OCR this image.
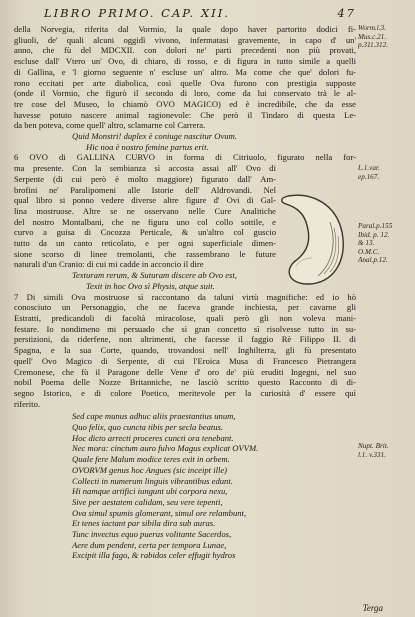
LIBRO PRIMO. CAP. XII.	47
della Norvegia, riferita dal Vormio, la quale dopo haver partorito dodici fi-
gliuoli, de' quali alcuni oggidì vivono, infermatasi gravemente, in capo d' un'
anno, che fù del MDCXII. con dolori ne' parti precedenti non più provati,
escluse dall' Vtero un' Ovo, di chiaro, di rosso, e di figura in tutto simile a quelli
di Gallina, e 'l giorno seguente n' escluse un' altro. Ma come che que' dolori fu-
rono eccitati per arte diabolica, così quelle Ova furono con prestigia supposte
(onde il Vormio, che figurò il secondo di loro, come da lui conservato trà le al-
tre cose del Museo, lo chiamò OVO MAGICO) ed è incredibile, che da esse
havesse potuto nascere animal ragionevole: Che però il Tindaro di questa Le-
da ben poteva, come quell' altro, sclamarne col Carrera.
Quid Monstri! duplex è coniuge nascitur Ovum.
Hic noa è nostro femine partus erit.
6 OVO di GALLINA CURVO in forma di Citriuolo, figurato nella for-
ma presente. Con la sembianza sì accosta assai all' Ovo di
Serpente (di cui però è molto maggiore) figurato dall' Am-
brofini ne' Paralipomeni alle Istorie dell' Aldrovandi. Nel
qual libro si ponno vedere diverse altre figure d' Ovi di Gal-
lina mostruose. Altre se ne osservano nelle Cure Analitiche
del nostro Montalbani, che ne figura uno col collo sottile, e
curvo a guisa di Cocozza Perticale, & un'altro col guscio
tutto da un canto reticolato, e per ogni superficiale dimen-
sione scorso di linee tremolanti, che rassembrano le future
naturali d'un Cranio: di cui mi cadde in acconcio il dire
Texturam rerum, & Suturam discere ab Ovo est,
Texit in hoc Ovo sì Physis, atque suit.
7 Di simili Ova mostruose sì raccontano da taluni virtù magnifiche: ed io hò
conosciuto un Personaggio, che ne faceva grande inchiesta, per cavarne gli
Estratti, predicandoli di facoltà miracolose, quali però gli non voleva mani-
festare. Io nondimeno mi persuado che sì gran concetto sì risolvesse tutto in su-
perstizioni, da riderfene, non altrimenti, che facesse il faggio Rè Filippo II. di
Spagna, e la sua Corte, quando, trovandosi nell' Inghilterra, gli fù presentato
quell' Ovo Magico di Serpente, di cui l'Eroica Musa di Francesco Pietrangera
Cremonese, che fù il Paragone delle Vene d' oro de' più eruditi Ingegni, nel suo
nobil Poema delle Nozze Britanniche, ne lasciò scritto questo Racconto di di-
segno Istorico, e di colore Poetico, meritevole per la curiosità d' essere quì
riferito.
Sed cape munus adhuc aliis praestantius unum,
Quo felix, quo cuncta tibis per secla beatus.
Hoc dicto arrecti proceres cuncti ora tenebant.
Nec mora: cinctum auro fulvo Magus explicat OVVM.
Quale fere Malum modice teres exit in orbem.
OVORVM genus hoc Angues (sic inceipt ille)
Collecti in numerum linguis vibrantibus edunt.
Hi namque artifici iungunt ubi corpora nexu,
Sive per aestatem calidam, seu vere tepenti,
Ova simul spumis glomerant, simul ore relambunt,
Et tenes iactant par sibila dira sub auras.
Tunc invectus equo puerus volitante Sacerdos,
Aere dum pendent, certa per tempora Lunae,
Excipit illa fago, & rabidos celer effugit hydros
Worm.l.3.
Mus.c.21.
p.311.312.
L.1.var.
ep.167.
Paral.p.155
Ibid. p. 12.
& 13.
O.M.C.
Anal.p.12.
Nupt. Brit.
l.1. v.331.
Terga
